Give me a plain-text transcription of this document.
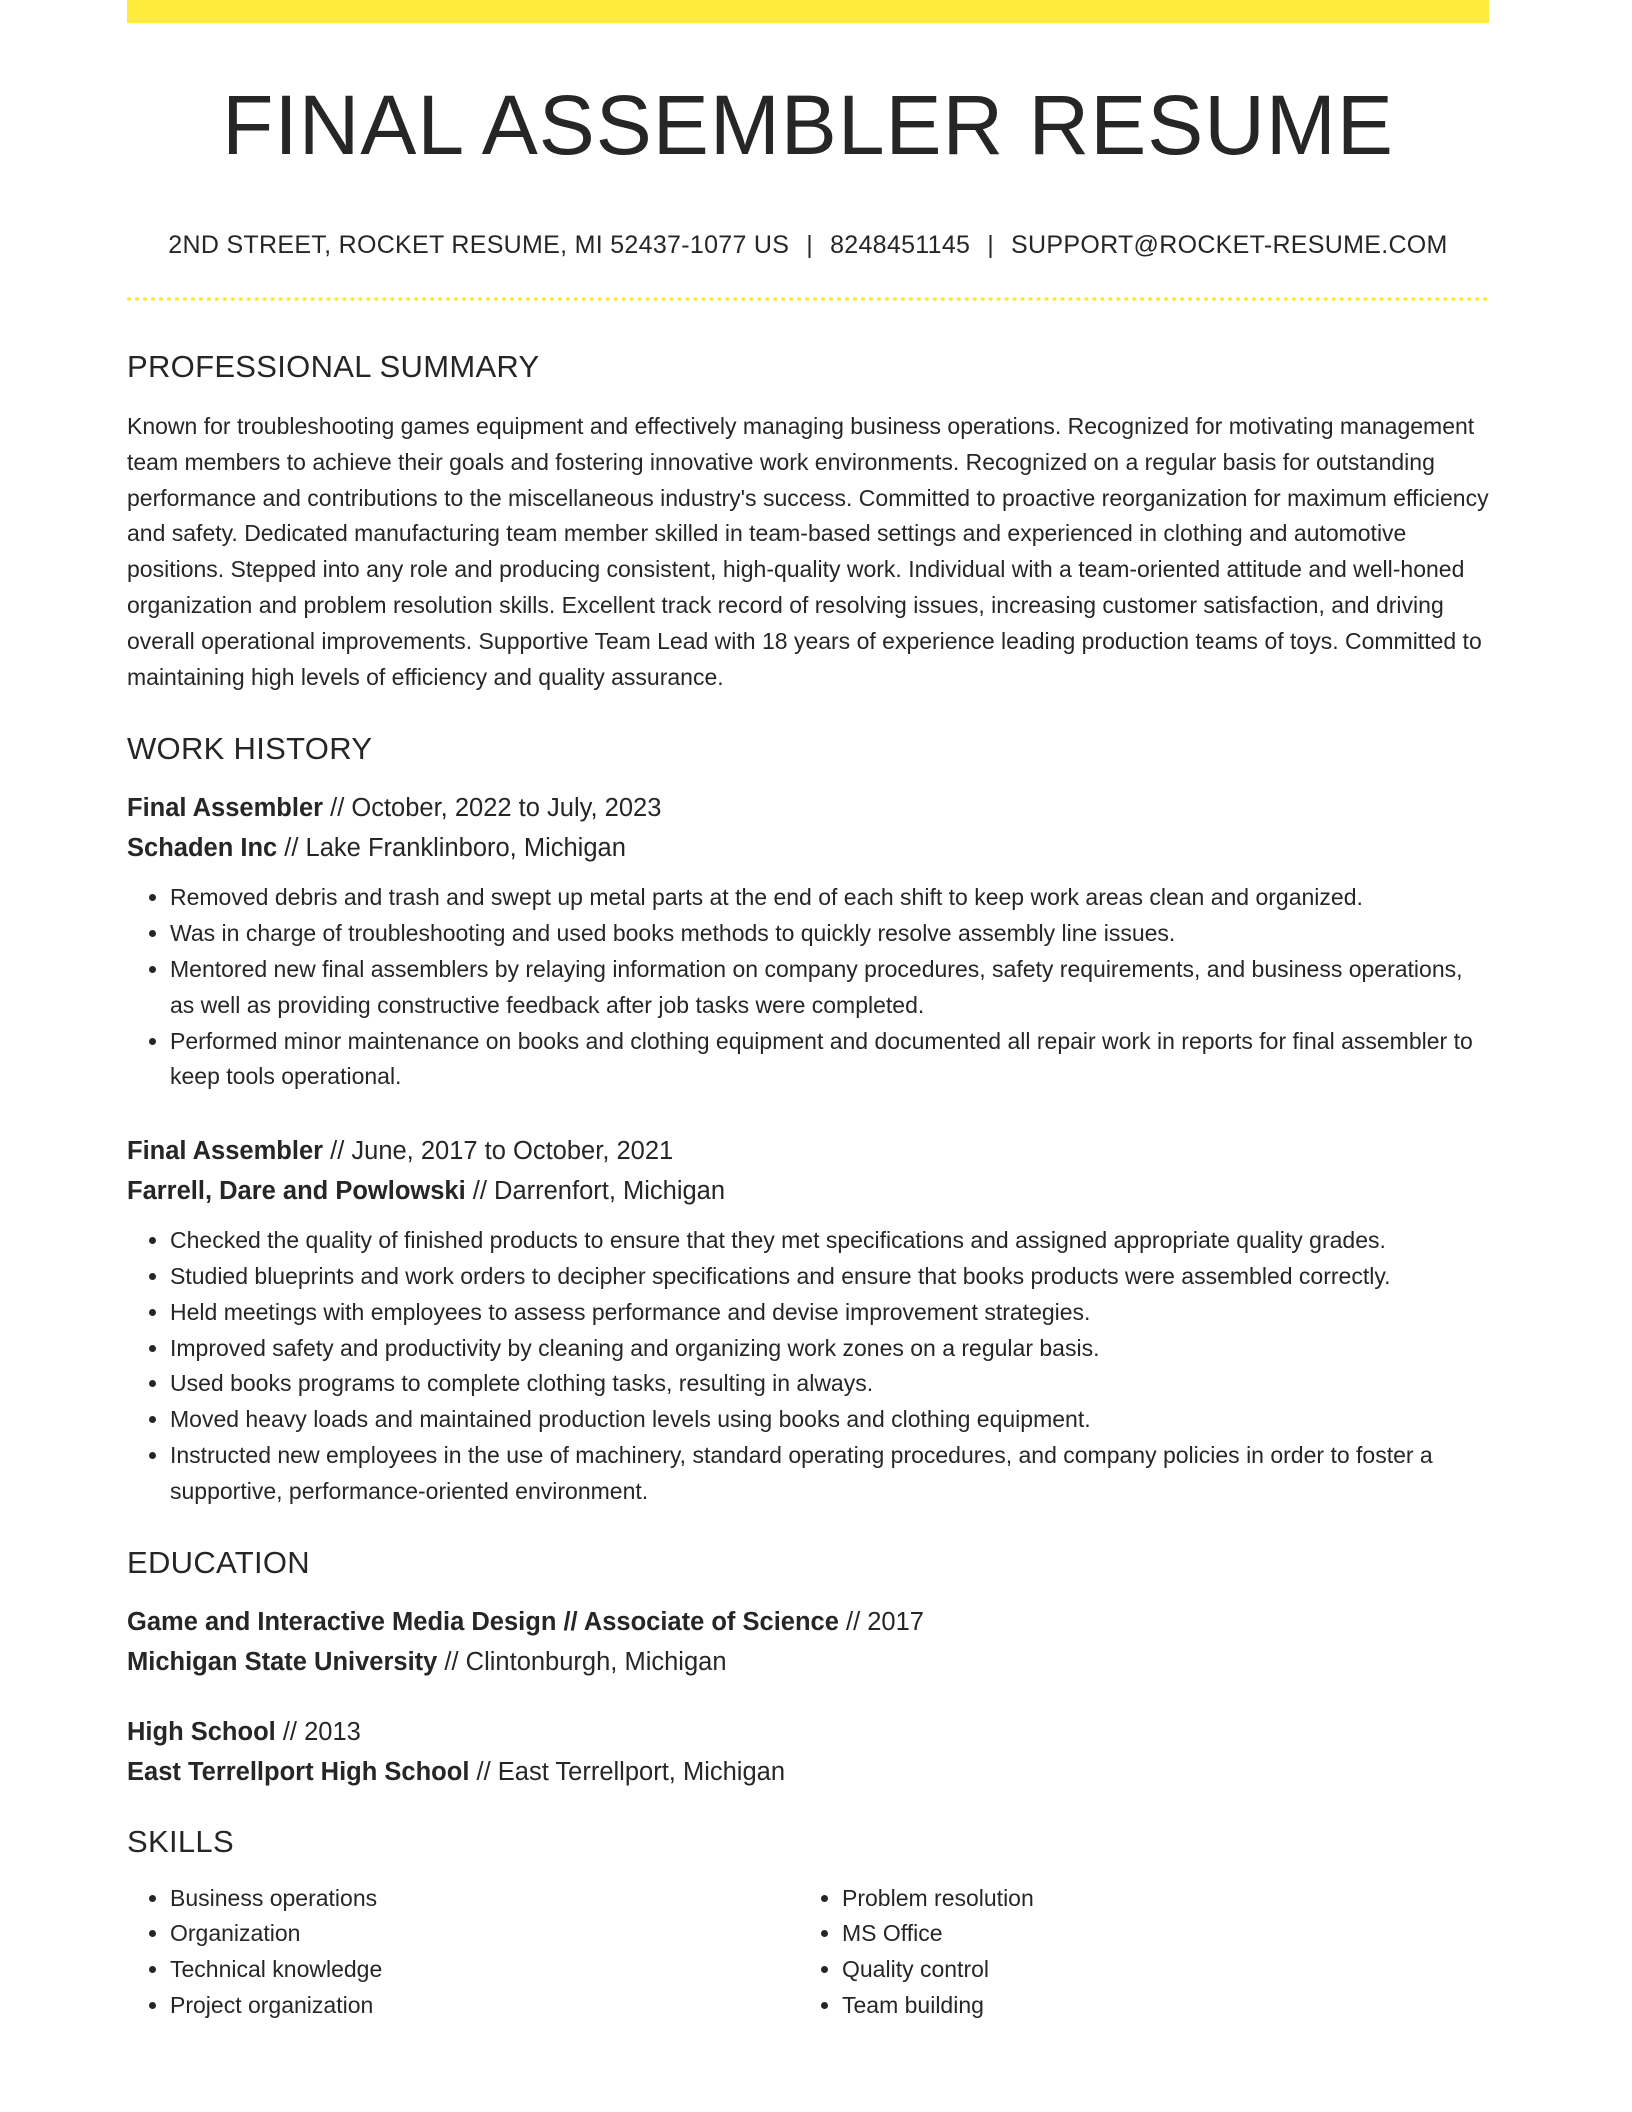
FINAL ASSEMBLER RESUME
2ND STREET, ROCKET RESUME, MI 52437-1077 US | 8248451145 | SUPPORT@ROCKET-RESUME.COM
PROFESSIONAL SUMMARY
Known for troubleshooting games equipment and effectively managing business operations. Recognized for motivating management team members to achieve their goals and fostering innovative work environments. Recognized on a regular basis for outstanding performance and contributions to the miscellaneous industry's success. Committed to proactive reorganization for maximum efficiency and safety. Dedicated manufacturing team member skilled in team-based settings and experienced in clothing and automotive positions. Stepped into any role and producing consistent, high-quality work. Individual with a team-oriented attitude and well-honed organization and problem resolution skills. Excellent track record of resolving issues, increasing customer satisfaction, and driving overall operational improvements. Supportive Team Lead with 18 years of experience leading production teams of toys. Committed to maintaining high levels of efficiency and quality assurance.
WORK HISTORY
Final Assembler // October, 2022 to July, 2023
Schaden Inc // Lake Franklinboro, Michigan
• Removed debris and trash and swept up metal parts at the end of each shift to keep work areas clean and organized.
• Was in charge of troubleshooting and used books methods to quickly resolve assembly line issues.
• Mentored new final assemblers by relaying information on company procedures, safety requirements, and business operations, as well as providing constructive feedback after job tasks were completed.
• Performed minor maintenance on books and clothing equipment and documented all repair work in reports for final assembler to keep tools operational.
Final Assembler // June, 2017 to October, 2021
Farrell, Dare and Powlowski // Darrenfort, Michigan
• Checked the quality of finished products to ensure that they met specifications and assigned appropriate quality grades.
• Studied blueprints and work orders to decipher specifications and ensure that books products were assembled correctly.
• Held meetings with employees to assess performance and devise improvement strategies.
• Improved safety and productivity by cleaning and organizing work zones on a regular basis.
• Used books programs to complete clothing tasks, resulting in always.
• Moved heavy loads and maintained production levels using books and clothing equipment.
• Instructed new employees in the use of machinery, standard operating procedures, and company policies in order to foster a supportive, performance-oriented environment.
EDUCATION
Game and Interactive Media Design // Associate of Science // 2017
Michigan State University // Clintonburgh, Michigan
High School // 2013
East Terrellport High School // East Terrellport, Michigan
SKILLS
• Business operations
• Organization
• Technical knowledge
• Project organization
• Problem resolution
• MS Office
• Quality control
• Team building
